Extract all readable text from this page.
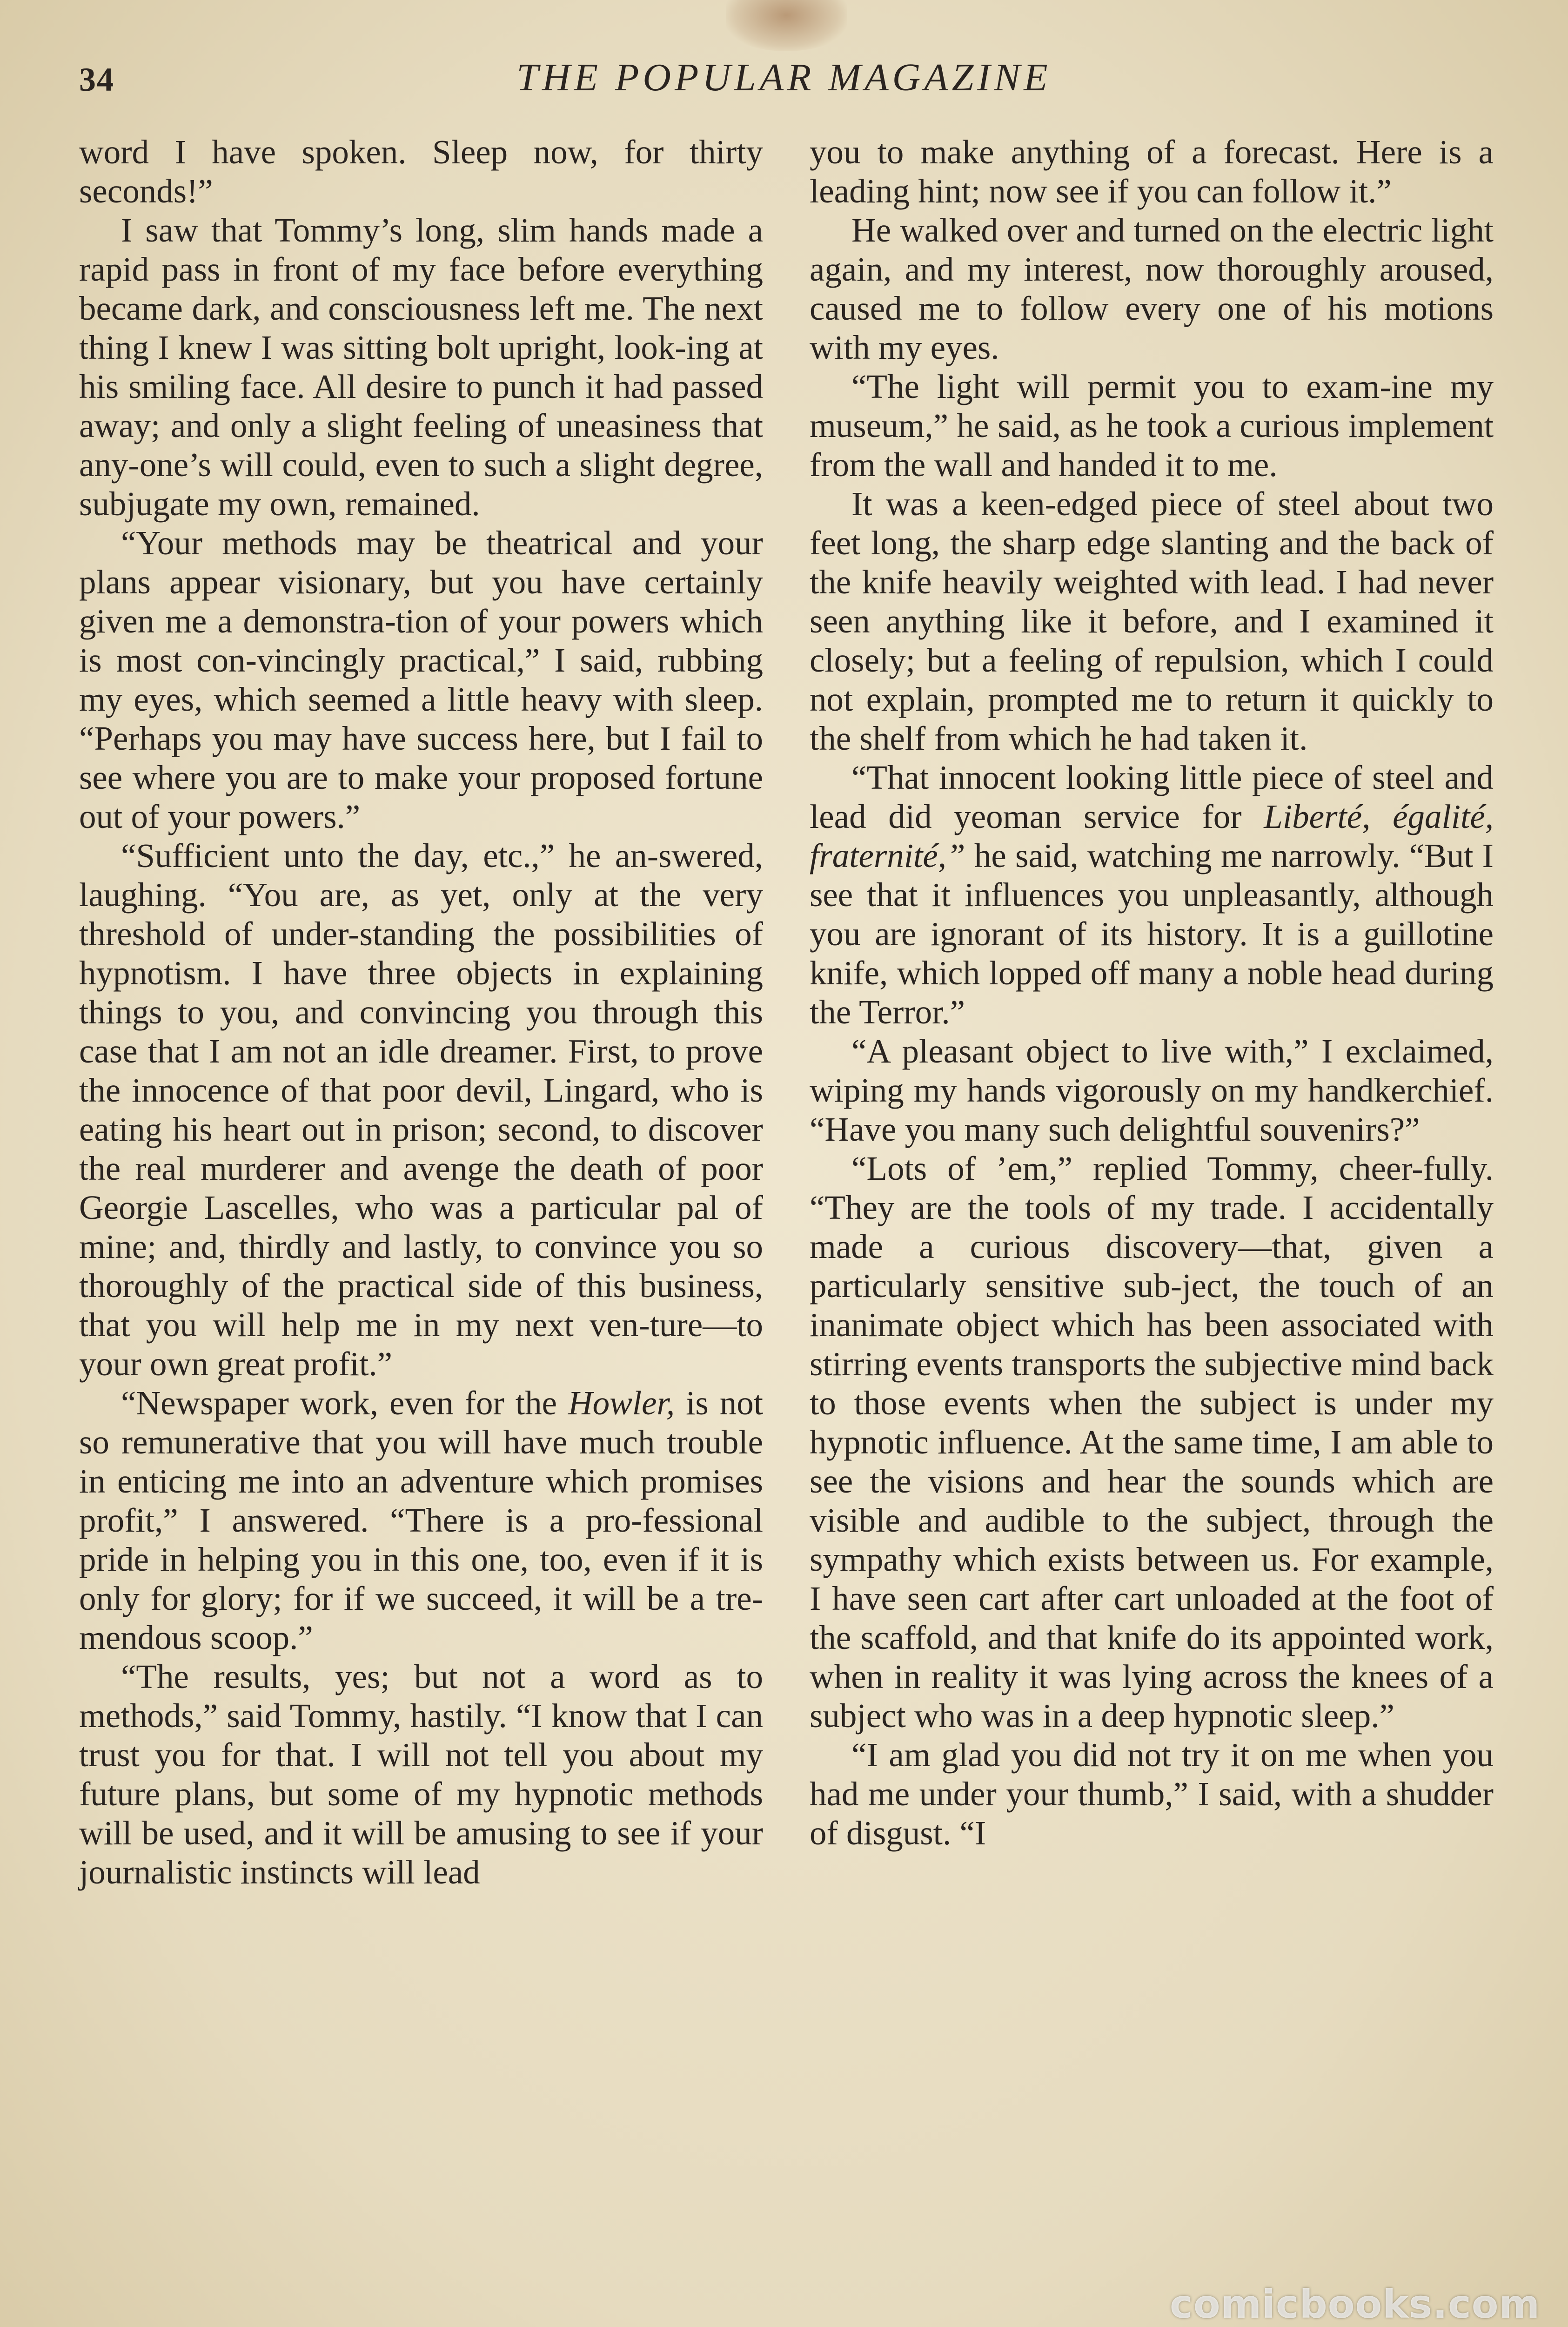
34	THE POPULAR MAGAZINE

word I have spoken. Sleep now, for thirty seconds!”

I saw that Tommy’s long, slim hands made a rapid pass in front of my face before everything became dark, and consciousness left me. The next thing I knew I was sitting bolt upright, look-ing at his smiling face. All desire to punch it had passed away; and only a slight feeling of uneasiness that any-one’s will could, even to such a slight degree, subjugate my own, remained.

“Your methods may be theatrical and your plans appear visionary, but you have certainly given me a demonstra-tion of your powers which is most con-vincingly practical,” I said, rubbing my eyes, which seemed a little heavy with sleep. “Perhaps you may have success here, but I fail to see where you are to make your proposed fortune out of your powers.”

“Sufficient unto the day, etc.,” he an-swered, laughing. “You are, as yet, only at the very threshold of under-standing the possibilities of hypnotism. I have three objects in explaining things to you, and convincing you through this case that I am not an idle dreamer. First, to prove the innocence of that poor devil, Lingard, who is eating his heart out in prison; second, to discover the real murderer and avenge the death of poor Georgie Lascelles, who was a particular pal of mine; and, thirdly and lastly, to convince you so thoroughly of the practical side of this business, that you will help me in my next ven-ture—to your own great profit.”

“Newspaper work, even for the Howler, is not so remunerative that you will have much trouble in enticing me into an adventure which promises profit,” I answered. “There is a pro-fessional pride in helping you in this one, too, even if it is only for glory; for if we succeed, it will be a tre-mendous scoop.”

“The results, yes; but not a word as to methods,” said Tommy, hastily. “I know that I can trust you for that. I will not tell you about my future plans, but some of my hypnotic methods will be used, and it will be amusing to see if your journalistic instincts will lead

you to make anything of a forecast. Here is a leading hint; now see if you can follow it.”

He walked over and turned on the electric light again, and my interest, now thoroughly aroused, caused me to follow every one of his motions with my eyes.

“The light will permit you to exam-ine my museum,” he said, as he took a curious implement from the wall and handed it to me.

It was a keen-edged piece of steel about two feet long, the sharp edge slanting and the back of the knife heavily weighted with lead. I had never seen anything like it before, and I examined it closely; but a feeling of repulsion, which I could not explain, prompted me to return it quickly to the shelf from which he had taken it.

“That innocent looking little piece of steel and lead did yeoman service for Liberté, égalité, fraternité,” he said, watching me narrowly. “But I see that it influences you unpleasantly, although you are ignorant of its history. It is a guillotine knife, which lopped off many a noble head during the Terror.”

“A pleasant object to live with,” I exclaimed, wiping my hands vigorously on my handkerchief. “Have you many such delightful souvenirs?”

“Lots of ’em,” replied Tommy, cheer-fully. “They are the tools of my trade. I accidentally made a curious discovery—that, given a particularly sensitive sub-ject, the touch of an inanimate object which has been associated with stirring events transports the subjective mind back to those events when the subject is under my hypnotic influence. At the same time, I am able to see the visions and hear the sounds which are visible and audible to the subject, through the sympathy which exists between us. For example, I have seen cart after cart unloaded at the foot of the scaffold, and that knife do its appointed work, when in reality it was lying across the knees of a subject who was in a deep hypnotic sleep.”

“I am glad you did not try it on me when you had me under your thumb,” I said, with a shudder of disgust. “I

comicbooks.com
